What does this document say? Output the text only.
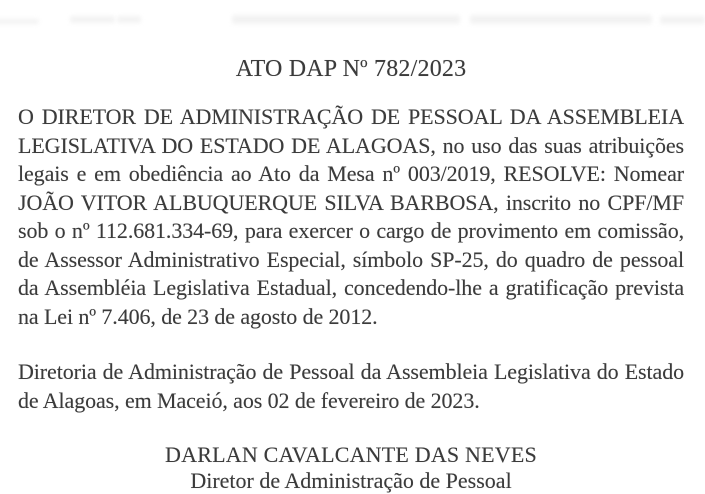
ATO DAP Nº 782/2023

O DIRETOR DE ADMINISTRAÇÃO DE PESSOAL DA ASSEMBLEIA LEGISLATIVA DO ESTADO DE ALAGOAS, no uso das suas atribuições legais e em obediência ao Ato da Mesa nº 003/2019, RESOLVE: Nomear JOÃO VITOR ALBUQUERQUE SILVA BARBOSA, inscrito no CPF/MF sob o nº 112.681.334-69, para exercer o cargo de provimento em comissão, de Assessor Administrativo Especial, símbolo SP-25, do quadro de pessoal da Assembléia Legislativa Estadual, concedendo-lhe a gratificação prevista na Lei nº 7.406, de 23 de agosto de 2012.

Diretoria de Administração de Pessoal da Assembleia Legislativa do Estado de Alagoas, em Maceió, aos 02 de fevereiro de 2023.

DARLAN CAVALCANTE DAS NEVES
Diretor de Administração de Pessoal
